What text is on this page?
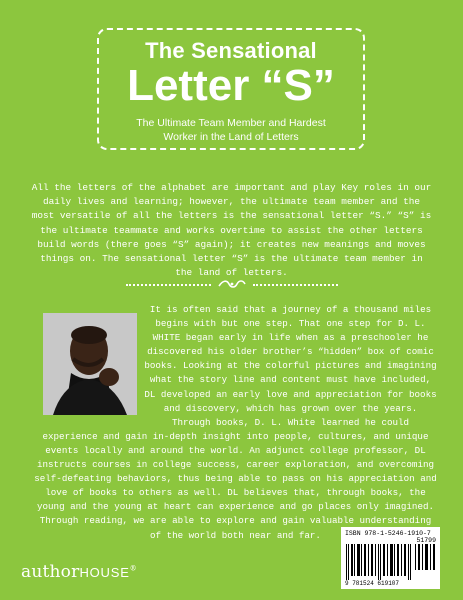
The Sensational
Letter “S”
The Ultimate Team Member and Hardest
Worker in the Land of Letters
All the letters of the alphabet are important and play Key roles in our daily lives and learning; however, the ultimate team member and the most versatile of all the letters is the sensational letter “S.” “S” is the ultimate teammate and works overtime to assist the other letters build words (there goes “S” again); it creates new meanings and moves things on. The sensational letter “S” is the ultimate team member in the land of letters.
It is often said that a journey of a thousand miles begins with but one step. That one step for D. L. WHITE began early in life when as a preschooler he discovered his older brother’s “hidden” box of comic books. Looking at the colorful pictures and imagining what the story line and content must have included, DL developed an early love and appreciation for books and discovery, which has grown over the years. Through books, D. L. White learned he could experience and gain in-depth insight into people, cultures, and unique events locally and around the world. An adjunct college professor, DL instructs courses in college success, career exploration, and overcoming self-defeating behaviors, thus being able to pass on his appreciation and love of books to others as well. DL believes that, through books, the young and the young at heart can experience and go places only imagined. Through reading, we are able to explore and gain valuable understanding of the world both near and far.	ISBN 978-1-5246-1910-7
51799
9 781524 619107
authorHOUSE®
